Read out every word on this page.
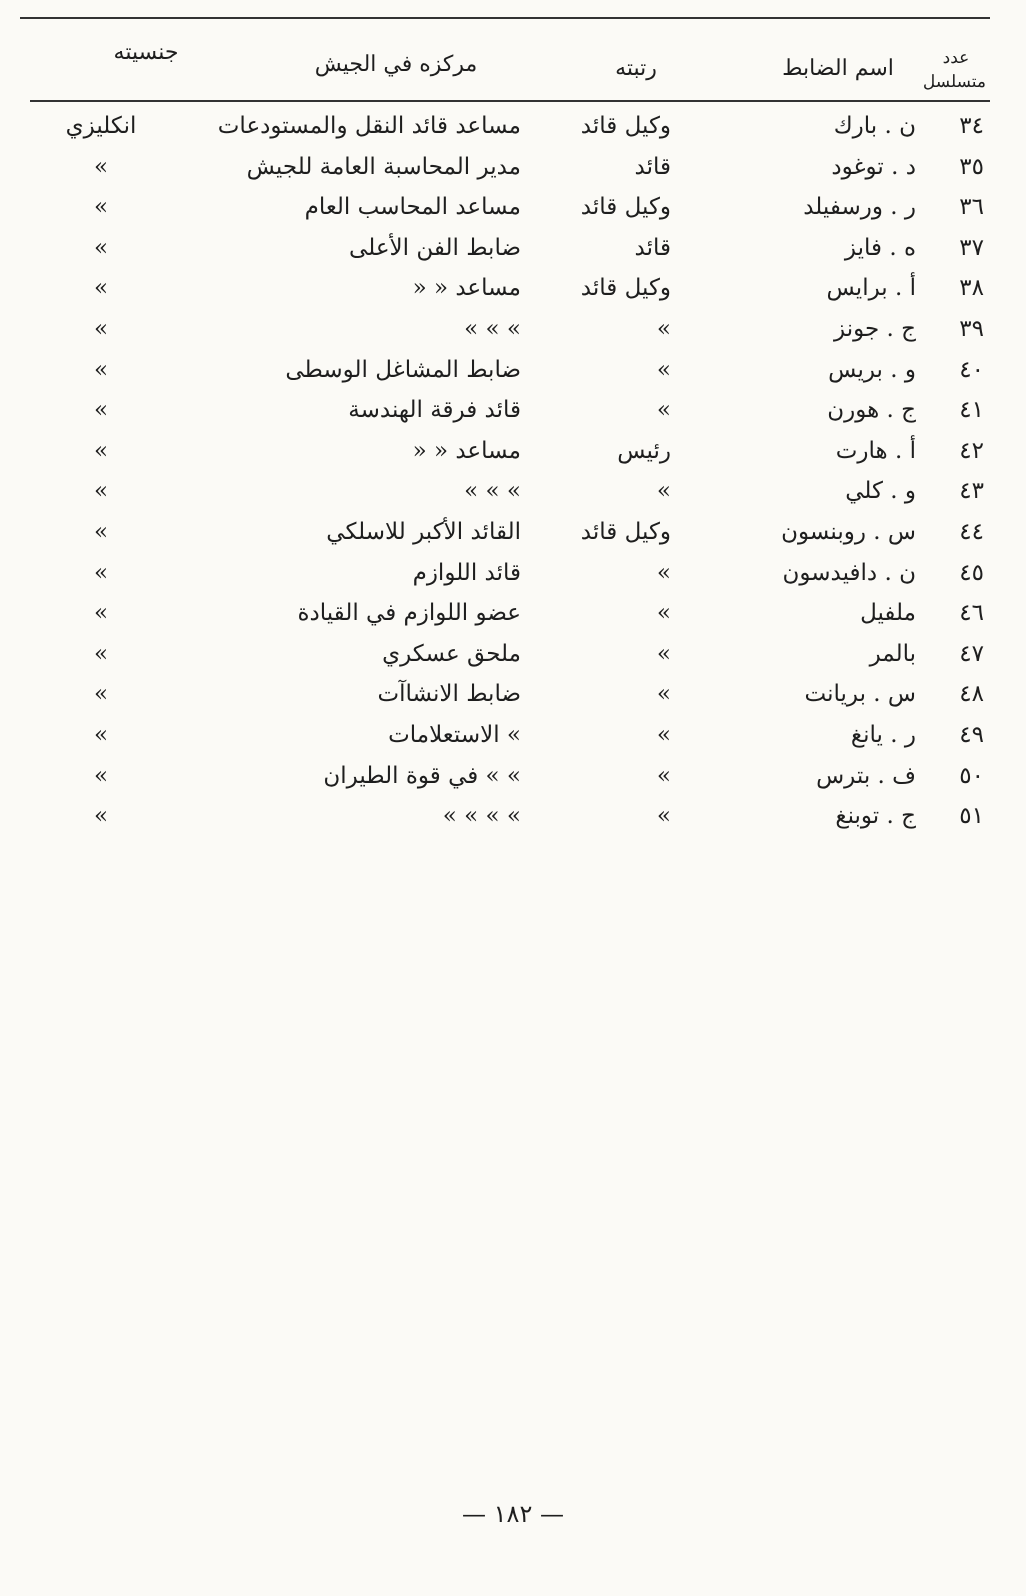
عدد
متسلسل
اسم الضابط
رتبته
مركزه في الجيش
جنسيته
٣٤
ن . بارك
وكيل قائد
مساعد قائد النقل والمستودعات
انكليزي
٣٥
د . توغود
قائد
مدير المحاسبة العامة للجيش
»
٣٦
ر . ورسفيلد
وكيل قائد
مساعد المحاسب العام
»
٣٧
ه . فايز
قائد
ضابط الفن الأعلى
»
٣٨
أ . برايس
وكيل قائد
مساعد « «
»
٣٩
ج . جونز
»
» » »
»
٤٠
و . بريس
»
ضابط المشاغل الوسطى
»
٤١
ج . هورن
»
قائد فرقة الهندسة
»
٤٢
أ . هارت
رئيس
مساعد « «
»
٤٣
و . كلي
»
» » »
»
٤٤
س . روبنسون
وكيل قائد
القائد الأكبر للاسلكي
»
٤٥
ن . دافيدسون
»
قائد اللوازم
»
٤٦
ملفيل
»
عضو اللوازم في القيادة
»
٤٧
بالمر
»
ملحق عسكري
»
٤٨
س . بريانت
»
ضابط الانشاآت
»
٤٩
ر . يانغ
»
» الاستعلامات
»
٥٠
ف . بترس
»
» » في قوة الطيران
»
٥١
ج . توبنغ
»
» » » »
»
— ١٨٢ —
